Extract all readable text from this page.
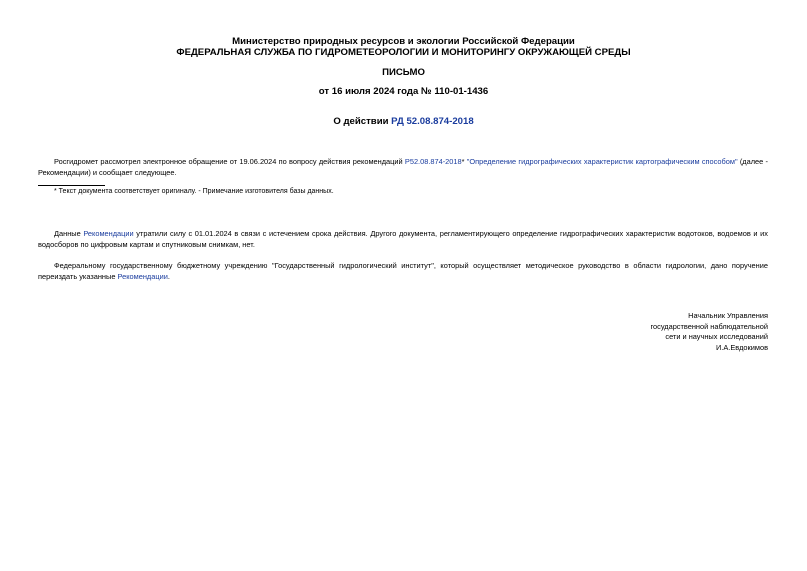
Министерство природных ресурсов и экологии Российской Федерации
ФЕДЕРАЛЬНАЯ СЛУЖБА ПО ГИДРОМЕТЕОРОЛОГИИ И МОНИТОРИНГУ ОКРУЖАЮЩЕЙ СРЕДЫ
ПИСЬМО
от 16 июля 2024 года № 110-01-1436
О действии РД 52.08.874-2018
Росгидромет рассмотрел электронное обращение от 19.06.2024 по вопросу действия рекомендаций Р52.08.874-2018* "Определение гидрографических характеристик картографическим способом" (далее - Рекомендации) и сообщает следующее.
* Текст документа соответствует оригиналу. - Примечание изготовителя базы данных.
Данные Рекомендации утратили силу с 01.01.2024 в связи с истечением срока действия. Другого документа, регламентирующего определение гидрографических характеристик водотоков, водоемов и их водосборов по цифровым картам и спутниковым снимкам, нет.
Федеральному государственному бюджетному учреждению "Государственный гидрологический институт", который осуществляет методическое руководство в области гидрологии, дано поручение переиздать указанные Рекомендации.
Начальник Управления
государственной наблюдательной
сети и научных исследований
И.А.Евдокимов
